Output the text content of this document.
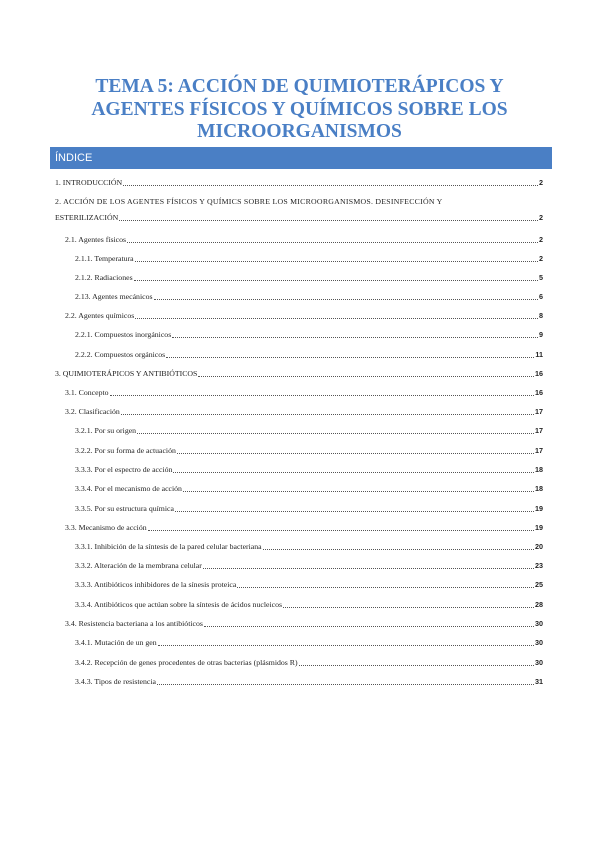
TEMA 5: ACCIÓN DE QUIMIOTERÁPICOS Y
AGENTES FÍSICOS Y QUÍMICOS SOBRE LOS
MICROORGANISMOS
ÍNDICE
1. INTRODUCCIÓN	2
2. ACCIÓN DE LOS AGENTES FÍSICOS Y QUÍMICS SOBRE LOS MICROORGANISMOS. DESINFECCIÓN Y
ESTERILIZACIÓN	2
2.1. Agentes físicos	2
2.1.1. Temperatura	2
2.1.2. Radiaciones	5
2.13. Agentes mecánicos	6
2.2. Agentes químicos	8
2.2.1. Compuestos inorgánicos	9
2.2.2. Compuestos orgánicos	11
3. QUIMIOTERÁPICOS Y ANTIBIÓTICOS	16
3.1. Concepto	16
3.2. Clasificación	17
3.2.1. Por su origen	17
3.2.2. Por su forma de actuación	17
3.3.3. Por el espectro de acción	18
3.3.4. Por el mecanismo de acción	18
3.3.5. Por su estructura química	19
3.3. Mecanismo de acción	19
3.3.1. Inhibición de la síntesis de la pared celular bacteriana	20
3.3.2. Alteración de la membrana celular	23
3.3.3. Antibióticos inhibidores de la sínesis proteica	25
3.3.4. Antibióticos que actúan sobre la síntesis de ácidos nucleicos	28
3.4. Resistencia bacteriana a los antibióticos	30
3.4.1. Mutación de un gen	30
3.4.2. Recepción de genes procedentes de otras bacterias (plásmidos R)	30
3.4.3. Tipos de resistencia	31
